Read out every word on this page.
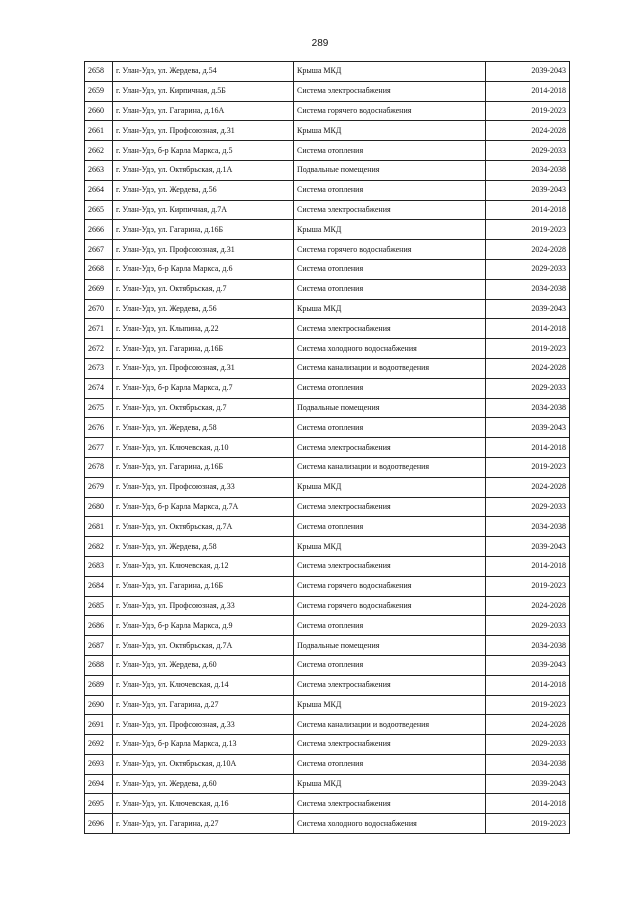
289
2658	г. Улан-Удэ, ул. Жердева, д.54	Крыша МКД	2039-2043
2659	г. Улан-Удэ, ул. Кирпичная, д.5Б	Система электроснабжения	2014-2018
2660	г. Улан-Удэ, ул. Гагарина, д.16А	Система горячего водоснабжения	2019-2023
2661	г. Улан-Удэ, ул. Профсоюзная, д.31	Крыша МКД	2024-2028
2662	г. Улан-Удэ, б-р Карла Маркса, д.5	Система отопления	2029-2033
2663	г. Улан-Удэ, ул. Октябрьская, д.1А	Подвальные помещения	2034-2038
2664	г. Улан-Удэ, ул. Жердева, д.56	Система отопления	2039-2043
2665	г. Улан-Удэ, ул. Кирпичная, д.7А	Система электроснабжения	2014-2018
2666	г. Улан-Удэ, ул. Гагарина, д.16Б	Крыша МКД	2019-2023
2667	г. Улан-Удэ, ул. Профсоюзная, д.31	Система горячего водоснабжения	2024-2028
2668	г. Улан-Удэ, б-р Карла Маркса, д.6	Система отопления	2029-2033
2669	г. Улан-Удэ, ул. Октябрьская, д.7	Система отопления	2034-2038
2670	г. Улан-Удэ, ул. Жердева, д.56	Крыша МКД	2039-2043
2671	г. Улан-Удэ, ул. Клыпина, д.22	Система электроснабжения	2014-2018
2672	г. Улан-Удэ, ул. Гагарина, д.16Б	Система холодного водоснабжения	2019-2023
2673	г. Улан-Удэ, ул. Профсоюзная, д.31	Система канализации и водоотведения	2024-2028
2674	г. Улан-Удэ, б-р Карла Маркса, д.7	Система отопления	2029-2033
2675	г. Улан-Удэ, ул. Октябрьская, д.7	Подвальные помещения	2034-2038
2676	г. Улан-Удэ, ул. Жердева, д.58	Система отопления	2039-2043
2677	г. Улан-Удэ, ул. Ключевская, д.10	Система электроснабжения	2014-2018
2678	г. Улан-Удэ, ул. Гагарина, д.16Б	Система канализации и водоотведения	2019-2023
2679	г. Улан-Удэ, ул. Профсоюзная, д.33	Крыша МКД	2024-2028
2680	г. Улан-Удэ, б-р Карла Маркса, д.7А	Система электроснабжения	2029-2033
2681	г. Улан-Удэ, ул. Октябрьская, д.7А	Система отопления	2034-2038
2682	г. Улан-Удэ, ул. Жердева, д.58	Крыша МКД	2039-2043
2683	г. Улан-Удэ, ул. Ключевская, д.12	Система электроснабжения	2014-2018
2684	г. Улан-Удэ, ул. Гагарина, д.16Б	Система горячего водоснабжения	2019-2023
2685	г. Улан-Удэ, ул. Профсоюзная, д.33	Система горячего водоснабжения	2024-2028
2686	г. Улан-Удэ, б-р Карла Маркса, д.9	Система отопления	2029-2033
2687	г. Улан-Удэ, ул. Октябрьская, д.7А	Подвальные помещения	2034-2038
2688	г. Улан-Удэ, ул. Жердева, д.60	Система отопления	2039-2043
2689	г. Улан-Удэ, ул. Ключевская, д.14	Система электроснабжения	2014-2018
2690	г. Улан-Удэ, ул. Гагарина, д.27	Крыша МКД	2019-2023
2691	г. Улан-Удэ, ул. Профсоюзная, д.33	Система канализации и водоотведения	2024-2028
2692	г. Улан-Удэ, б-р Карла Маркса, д.13	Система электроснабжения	2029-2033
2693	г. Улан-Удэ, ул. Октябрьская, д.10А	Система отопления	2034-2038
2694	г. Улан-Удэ, ул. Жердева, д.60	Крыша МКД	2039-2043
2695	г. Улан-Удэ, ул. Ключевская, д.16	Система электроснабжения	2014-2018
2696	г. Улан-Удэ, ул. Гагарина, д.27	Система холодного водоснабжения	2019-2023
